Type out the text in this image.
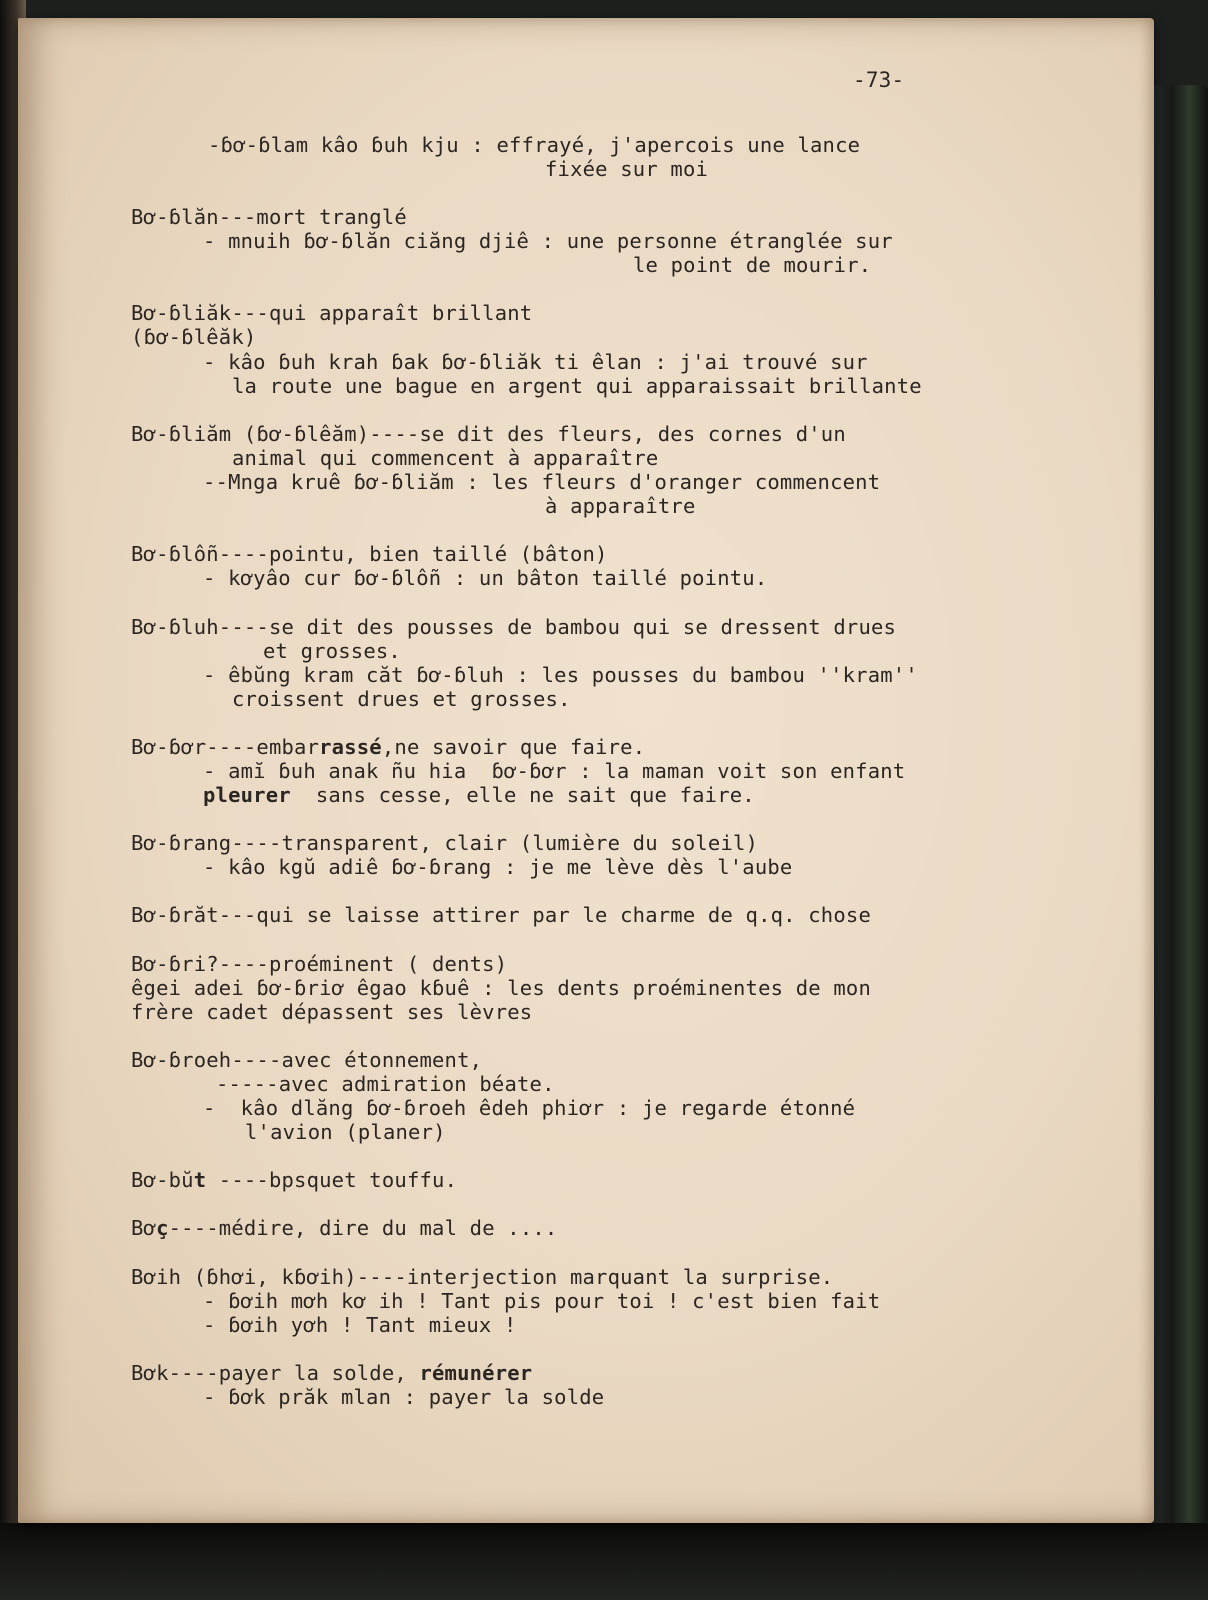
-73-
-ɓơ-ɓlam kâo ɓuh kju : effrayé, j'apercois une lance
fixée sur moi
Bơ-ɓlăn---mort tranglé
- mnuih ɓơ-ɓlăn ciăng djiê : une personne étranglée sur
le point de mourir.
Bơ-ɓliăk---qui apparaît brillant
(ɓơ-ɓlêăk)
- kâo ɓuh krah ɓak ɓơ-ɓliăk ti êlan : j'ai trouvé sur
la route une bague en argent qui apparaissait brillante
Bơ-ɓliăm (ɓơ-ɓlêăm)----se dit des fleurs, des cornes d'un
animal qui commencent à apparaître
--Mnga kruê ɓơ-ɓliăm : les fleurs d'oranger commencent
à apparaître
Bơ-ɓlôñ----pointu, bien taillé (bâton)
- kơyâo cur ɓơ-ɓlôñ : un bâton taillé pointu.
Bơ-ɓluh----se dit des pousses de bambou qui se dressent drues
et grosses.
- êbŭng kram căt ɓơ-ɓluh : les pousses du bambou ''kram''
croissent drues et grosses.
Bơ-ɓơr----embarrassé,ne savoir que faire.
- amĭ ɓuh anak ñu hia  ɓơ-ɓơr : la maman voit son enfant
pleurer  sans cesse, elle ne sait que faire.
Bơ-ɓrang----transparent, clair (lumière du soleil)
- kâo kgŭ adiê ɓơ-ɓrang : je me lève dès l'aube
Bơ-ɓrăt---qui se laisse attirer par le charme de q.q. chose
Bơ-ɓri?----proéminent ( dents)
êgei adei ɓơ-ɓriơ êgao kɓuê : les dents proéminentes de mon
frère cadet dépassent ses lèvres
Bơ-ɓroeh----avec étonnement,
-----avec admiration béate.
-  kâo dlăng ɓơ-ɓroeh êdeh phiơr : je regarde étonné
l'avion (planer)
Bơ-bŭt ----bpsquet touffu.
Bơç----médire, dire du mal de ....
Bơih (ɓhơi, kɓơih)----interjection marquant la surprise.
- ɓơih mơh kơ ih ! Tant pis pour toi ! c'est bien fait
- ɓơih yơh ! Tant mieux !
Bơk----payer la solde, rémunérer
- ɓơk prăk mlan : payer la solde
